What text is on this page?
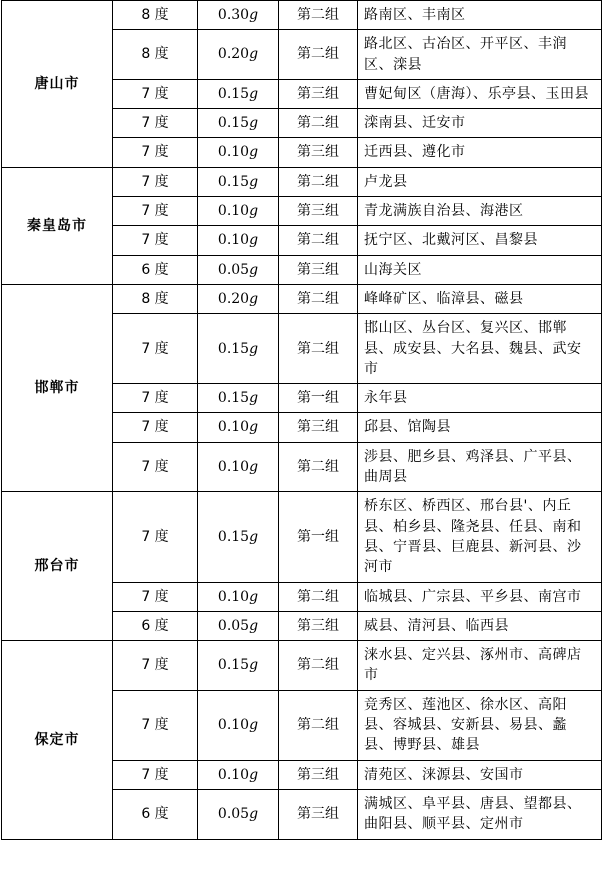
唐山市	8 度	0.30g	第二组	路南区、丰南区
	8 度	0.20g	第二组	路北区、古冶区、开平区、丰润区、滦县
	7 度	0.15g	第三组	曹妃甸区（唐海）、乐亭县、玉田县
	7 度	0.15g	第二组	滦南县、迁安市
	7 度	0.10g	第三组	迁西县、遵化市
秦皇岛市	7 度	0.15g	第二组	卢龙县
	7 度	0.10g	第三组	青龙满族自治县、海港区
	7 度	0.10g	第二组	抚宁区、北戴河区、昌黎县
	6 度	0.05g	第三组	山海关区
邯郸市	8 度	0.20g	第二组	峰峰矿区、临漳县、磁县
	7 度	0.15g	第二组	邯山区、丛台区、复兴区、邯郸县、成安县、大名县、魏县、武安市
	7 度	0.15g	第一组	永年县
	7 度	0.10g	第三组	邱县、馆陶县
	7 度	0.10g	第二组	涉县、肥乡县、鸡泽县、广平县、曲周县
邢台市	7 度	0.15g	第一组	桥东区、桥西区、邢台县'、内丘县、柏乡县、隆尧县、任县、南和县、宁晋县、巨鹿县、新河县、沙河市
	7 度	0.10g	第二组	临城县、广宗县、平乡县、南宫市
	6 度	0.05g	第三组	威县、清河县、临西县
保定市	7 度	0.15g	第二组	涞水县、定兴县、涿州市、高碑店市
	7 度	0.10g	第二组	竞秀区、莲池区、徐水区、高阳县、容城县、安新县、易县、蠡县、博野县、雄县
	7 度	0.10g	第三组	清苑区、涞源县、安国市
	6 度	0.05g	第三组	满城区、阜平县、唐县、望都县、曲阳县、顺平县、定州市
